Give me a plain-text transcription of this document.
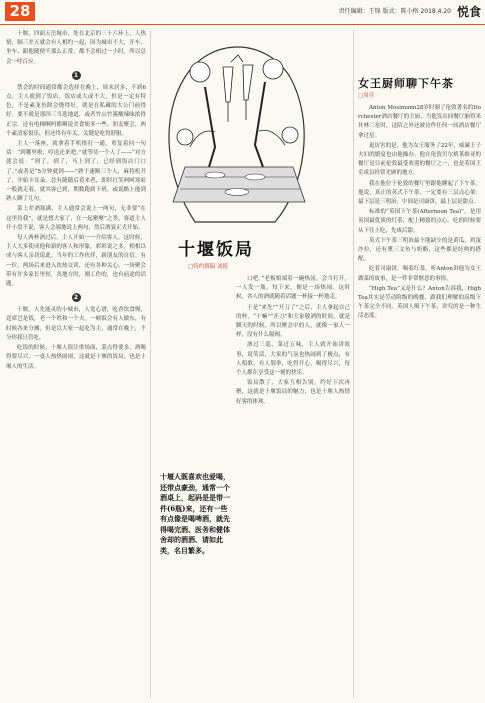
28	责任编辑：王锋 版式：陈小格 2018.4.20 悦食

十堰，四面五岳城市，处在北京的三十六环上，人热情，隔三差五就会有人相约一起，因为城市不大，开车、坐车、跟他随便不那么正常，都不会相过一小时，所以总会一呼百应。

1

禁会的时间通常都会选择在晚上，周末居多，不到6点，主人就到了饭店，饭店或大或不大，但是一定有特色，不是素龙鱼除会烧得好，就是在私藏的大公门前得好。要不就是那四三当选地道，或者竹山竹溪酸辣味浓得正宗。还有电梯啊吗都啊说美食姐多一些。朋友聚会，两个素清家很乐，但还终有年关，关键是吃得舒服。

主人一落座，就拿着手机挨打一通，重复着问一句话：“到哪里啦，哼送还来吧。”就等待一个人了——“对方就会说：“到了，到了，马上到了，已经到饭店门口了。”或者是“5分钟就到——”熟于速断三个人，麻将机开了，开始卡耳朵。总有随随后着来者，即时打笑呵呵寒暄一般就走着，就其客已到，期数跑到下班，或说路上能到熟人聊了几句。

菜上差酒瓶满，主人通常会说上一两句，无非要“在这里待我”，就是想大家了，在一起聚聚”之类，客道主人开小盘不说，客人会端地说上两句，然后酒宴正式开始。

每人两杯酒过后，主人开始一一介绍客人。这时候，主人大多使成他和新的客人和形象，彩彩说之多，相相以成与客人亲切说此。当年的工作伙伴，新朋友的自信。有一位，两场后来进入饮热交谈，还有各种关心，一场聚会带有许多家长里短，各地方时，刚工作的，也有前途的话题。

2

十堰，人先能灵的小城市，人宽心谱，吃香饮食慢，送席岂是饭，老一个姓和一个夫。一顿饭会有人做东，有时候各来分摊，但是以大家一起吃为主，通常在晚上，不分你我只管吃。

吃饭的时候，十堰人很注重场面，菜点得要多，酒喝得要尽兴，一桌人热热闹闹，这就是十堰的饭局，也是十堰人的生活。

十堰饭局
□特约撰稿 刘挺

口吧。”老板娘端着一碗热汤，会当打开，一人发一瓶，每下来，便是一场热闹。这时候，各人的酒就随着话题一杯接一杯地走。

于是“来先”“开刀了”之后，主人拿起自己的杯，“干嘛”“开刀”和大家敬酒的时间，就是聊天的时候。所以聚会中的人，就像一家人一样，没有什么隔阂。

酒过三巡，菜过五味，主人就开始讲故事，说笑话，大家的气氛也热闹到了极点，有人唱歌，有人划拳，吃得开心，喝得尽兴，每个人都在享受这一刻的快乐。

饭局散了，大家互相告别，约好下次再聚，这就是十堰饭局的魅力，也是十堰人热情好客的体现。

十堰人既喜欢也爱喝，还带点豪劲，通常一个酒桌上，起码是是带一件(6瓶)来，还有一些有点像是喝啤酒，就先得喝完酒、医务和健体舍却的酒酒、请如此类，名目繁多。
女王厨师聊下午茶
□周佳

Anton Mosimann28岁时制了伦敦著名的Dorchester酒店餐厅的主厨，当他发出间餐厅脑得米其林二星时，这陪之外还被诗作任何一间酒店餐厅拿过星。

更厉害的是，他为女王服务了22年，威廉王子夫妇的婚宴也由他操办。他在伦敦贝尔格莱维亚的餐厅是目前伦敦最受欢迎的餐厅之一，也是英国王室成员经常光顾的地方。

我在他位于伦敦的餐厅里跟他聊起了下午茶。他说，真正的英式下午茶，一定要有三层点心架：最下层是三明治，中间是司康饼，最上层是甜点。

标准的“英国下午茶(Afternoon Tea)”，是用英国最优质的红茶，配上精致的点心。吃的时候要从下往上吃，先咸后甜。

英式下午茶三明治最不能缺少的是黄瓜、鸡蛋沙拉，还有熏三文鱼与奶酪，这些都是经典的搭配。

吃着司康饼，喝着红茶，听Anton讲他为女王做菜的故事，是一件非常惬意的事情。

“High Tea”又是什么？Anton告诉我，High Tea其实是劳动阶级的晚餐，跟我们理解的高级下午茶完全不同。英国人喝下午茶，讲究的是一种生活态度。
